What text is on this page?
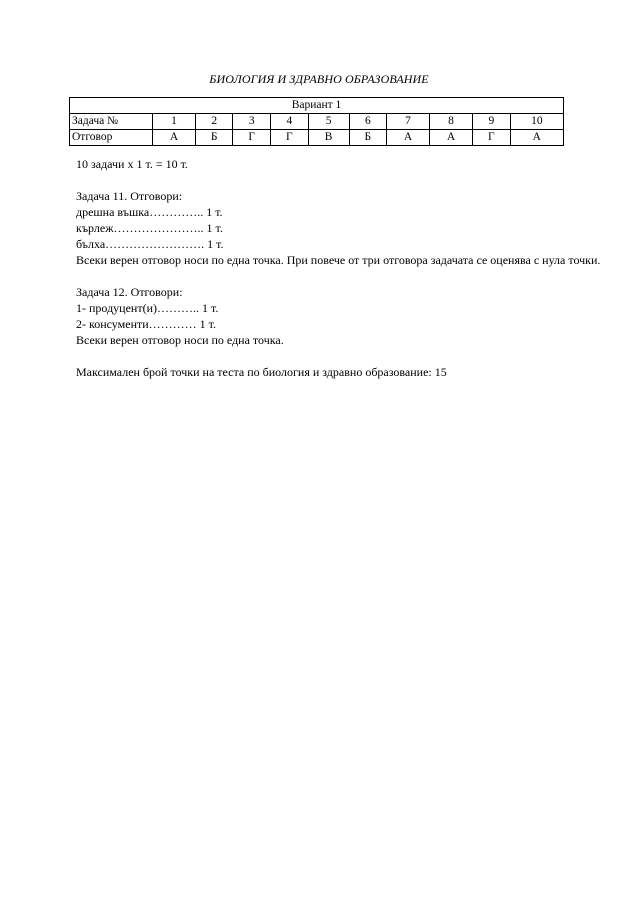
БИОЛОГИЯ И ЗДРАВНО ОБРАЗОВАНИЕ
Вариант 1										
Задача №	1	2	3	4	5	6	7	8	9	10
Отговор	А	Б	Г	Г	В	Б	А	А	Г	А

10 задачи х 1 т. = 10 т.

Задача 11. Отговори:

дрешна въшка………….. 1 т.

кърлеж………………….. 1 т.

бълха……………………. 1 т.

Всеки верен отговор носи по една точка. При повече от три отговора задачата се оценява с нула точки.

Задача 12. Отговори:

1- продуцент(и)……….. 1 т.

2- консументи………… 1 т.

Всеки верен отговор носи по една точка.

Максимален брой точки на теста по биология и здравно образование: 15
